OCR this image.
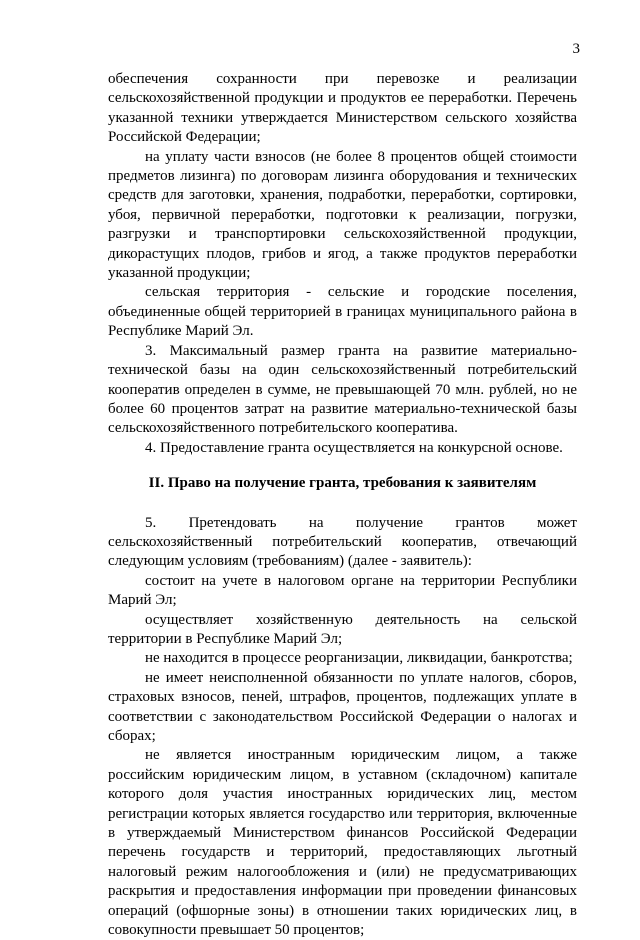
3

обеспечения сохранности при перевозке и реализации сельскохозяйственной продукции и продуктов ее переработки. Перечень указанной техники утверждается Министерством сельского хозяйства Российской Федерации;

на уплату части взносов (не более 8 процентов общей стоимости предметов лизинга) по договорам лизинга оборудования и технических средств для заготовки, хранения, подработки, переработки, сортировки, убоя, первичной переработки, подготовки к реализации, погрузки, разгрузки и транспортировки сельскохозяйственной продукции, дикорастущих плодов, грибов и ягод, а также продуктов переработки указанной продукции;

сельская территория - сельские и городские поселения, объединенные общей территорией в границах муниципального района в Республике Марий Эл.

3. Максимальный размер гранта на развитие материально-технической базы на один сельскохозяйственный потребительский кооператив определен в сумме, не превышающей 70 млн. рублей, но не более 60 процентов затрат на развитие материально-технической базы сельскохозяйственного потребительского кооператива.

4. Предоставление гранта осуществляется на конкурсной основе.

II. Право на получение гранта, требования к заявителям

5. Претендовать на получение грантов может сельскохозяйственный потребительский кооператив, отвечающий следующим условиям (требованиям) (далее - заявитель):

состоит на учете в налоговом органе на территории Республики Марий Эл;

осуществляет хозяйственную деятельность на сельской территории в Республике Марий Эл;

не находится в процессе реорганизации, ликвидации, банкротства;

не имеет неисполненной обязанности по уплате налогов, сборов, страховых взносов, пеней, штрафов, процентов, подлежащих уплате в соответствии с законодательством Российской Федерации о налогах и сборах;

не является иностранным юридическим лицом, а также российским юридическим лицом, в уставном (складочном) капитале которого доля участия иностранных юридических лиц, местом регистрации которых является государство или территория, включенные в утверждаемый Министерством финансов Российской Федерации перечень государств и территорий, предоставляющих льготный налоговый режим налогообложения и (или) не предусматривающих раскрытия и предоставления информации при проведении финансовых операций (офшорные зоны) в отношении таких юридических лиц, в совокупности превышает 50 процентов;
